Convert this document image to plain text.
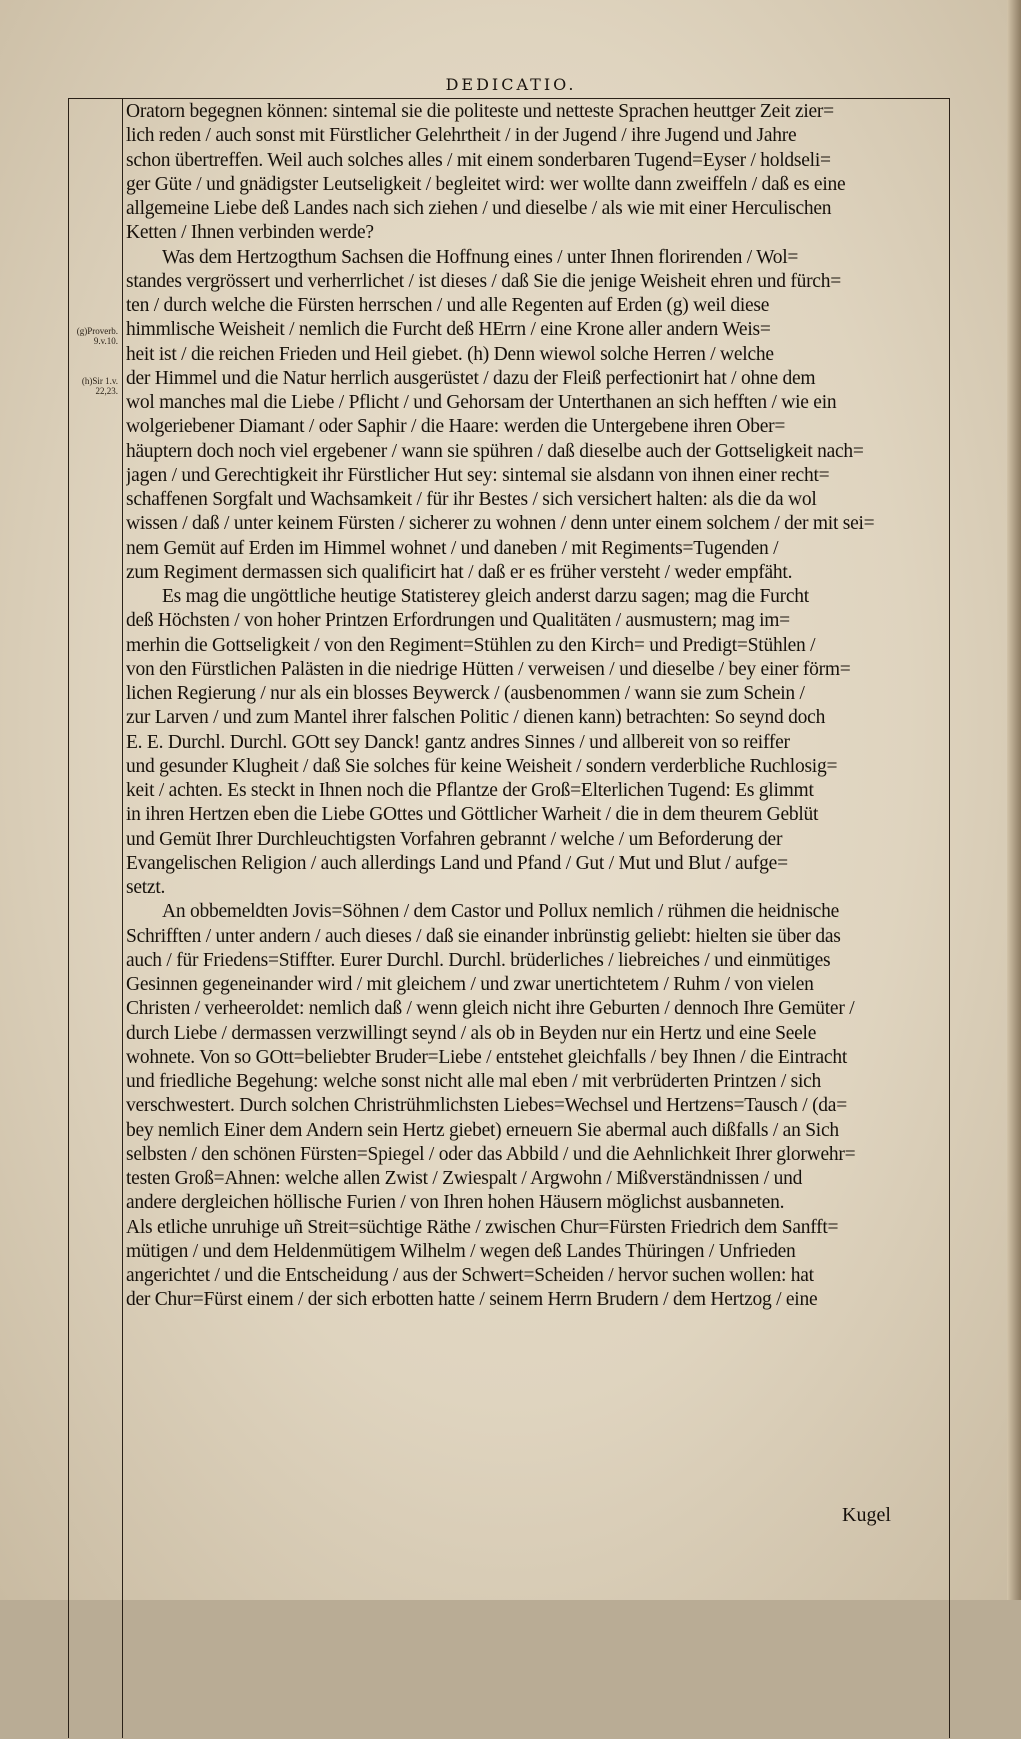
DEDICATIO.
(g)Proverb. 9.v.10.
(h)Sir 1.v. 22,23.
Oratorn begegnen können: sintemal sie die politeste und netteste Sprachen heuttger Zeit zier=
lich reden / auch sonst mit Fürstlicher Gelehrtheit / in der Jugend / ihre Jugend und Jahre
schon übertreffen. Weil auch solches alles / mit einem sonderbaren Tugend=Eyser / holdseli=
ger Güte / und gnädigster Leutseligkeit / begleitet wird: wer wollte dann zweiffeln / daß es eine
allgemeine Liebe deß Landes nach sich ziehen / und dieselbe / als wie mit einer Herculischen
Ketten / Ihnen verbinden werde?
Was dem Hertzogthum Sachsen die Hoffnung eines / unter Ihnen florirenden / Wol=
standes vergrössert und verherrlichet / ist dieses / daß Sie die jenige Weisheit ehren und fürch=
ten / durch welche die Fürsten herrschen / und alle Regenten auf Erden (g) weil diese
himmlische Weisheit / nemlich die Furcht deß HErrn / eine Krone aller andern Weis=
heit ist / die reichen Frieden und Heil giebet. (h) Denn wiewol solche Herren / welche
der Himmel und die Natur herrlich ausgerüstet / dazu der Fleiß perfectionirt hat / ohne dem
wol manches mal die Liebe / Pflicht / und Gehorsam der Unterthanen an sich hefften / wie ein
wolgeriebener Diamant / oder Saphir / die Haare: werden die Untergebene ihren Ober=
häuptern doch noch viel ergebener / wann sie spühren / daß dieselbe auch der Gottseligkeit nach=
jagen / und Gerechtigkeit ihr Fürstlicher Hut sey: sintemal sie alsdann von ihnen einer recht=
schaffenen Sorgfalt und Wachsamkeit / für ihr Bestes / sich versichert halten: als die da wol
wissen / daß / unter keinem Fürsten / sicherer zu wohnen / denn unter einem solchem / der mit sei=
nem Gemüt auf Erden im Himmel wohnet / und daneben / mit Regiments=Tugenden /
zum Regiment dermassen sich qualificirt hat / daß er es früher versteht / weder empfäht.
Es mag die ungöttliche heutige Statisterey gleich anderst darzu sagen; mag die Furcht
deß Höchsten / von hoher Printzen Erfordrungen und Qualitäten / ausmustern; mag im=
merhin die Gottseligkeit / von den Regiment=Stühlen zu den Kirch= und Predigt=Stühlen /
von den Fürstlichen Palästen in die niedrige Hütten / verweisen / und dieselbe / bey einer förm=
lichen Regierung / nur als ein blosses Beywerck / (ausbenommen / wann sie zum Schein /
zur Larven / und zum Mantel ihrer falschen Politic / dienen kann) betrachten: So seynd doch
E. E. Durchl. Durchl. GOtt sey Danck! gantz andres Sinnes / und allbereit von so reiffer
und gesunder Klugheit / daß Sie solches für keine Weisheit / sondern verderbliche Ruchlosig=
keit / achten. Es steckt in Ihnen noch die Pflantze der Groß=Elterlichen Tugend: Es glimmt
in ihren Hertzen eben die Liebe GOttes und Göttlicher Warheit / die in dem theurem Geblüt
und Gemüt Ihrer Durchleuchtigsten Vorfahren gebrannt / welche / um Beforderung der
Evangelischen Religion / auch allerdings Land und Pfand / Gut / Mut und Blut / aufge=
setzt.
An obbemeldten Jovis=Söhnen / dem Castor und Pollux nemlich / rühmen die heidnische
Schrifften / unter andern / auch dieses / daß sie einander inbrünstig geliebt: hielten sie über das
auch / für Friedens=Stiffter. Eurer Durchl. Durchl. brüderliches / liebreiches / und einmütiges
Gesinnen gegeneinander wird / mit gleichem / und zwar unertichtetem / Ruhm / von vielen
Christen / verheeroldet: nemlich daß / wenn gleich nicht ihre Geburten / dennoch Ihre Gemüter /
durch Liebe / dermassen verzwillingt seynd / als ob in Beyden nur ein Hertz und eine Seele
wohnete. Von so GOtt=beliebter Bruder=Liebe / entstehet gleichfalls / bey Ihnen / die Eintracht
und friedliche Begehung: welche sonst nicht alle mal eben / mit verbrüderten Printzen / sich
verschwestert. Durch solchen Christrühmlichsten Liebes=Wechsel und Hertzens=Tausch / (da=
bey nemlich Einer dem Andern sein Hertz giebet) erneuern Sie abermal auch dißfalls / an Sich
selbsten / den schönen Fürsten=Spiegel / oder das Abbild / und die Aehnlichkeit Ihrer glorwehr=
testen Groß=Ahnen: welche allen Zwist / Zwiespalt / Argwohn / Mißverständnissen / und
andere dergleichen höllische Furien / von Ihren hohen Häusern möglichst ausbanneten.
Als etliche unruhige uñ Streit=süchtige Räthe / zwischen Chur=Fürsten Friedrich dem Sanfft=
mütigen / und dem Heldenmütigem Wilhelm / wegen deß Landes Thüringen / Unfrieden
angerichtet / und die Entscheidung / aus der Schwert=Scheiden / hervor suchen wollen: hat
der Chur=Fürst einem / der sich erbotten hatte / seinem Herrn Brudern / dem Hertzog / eine
Kugel
